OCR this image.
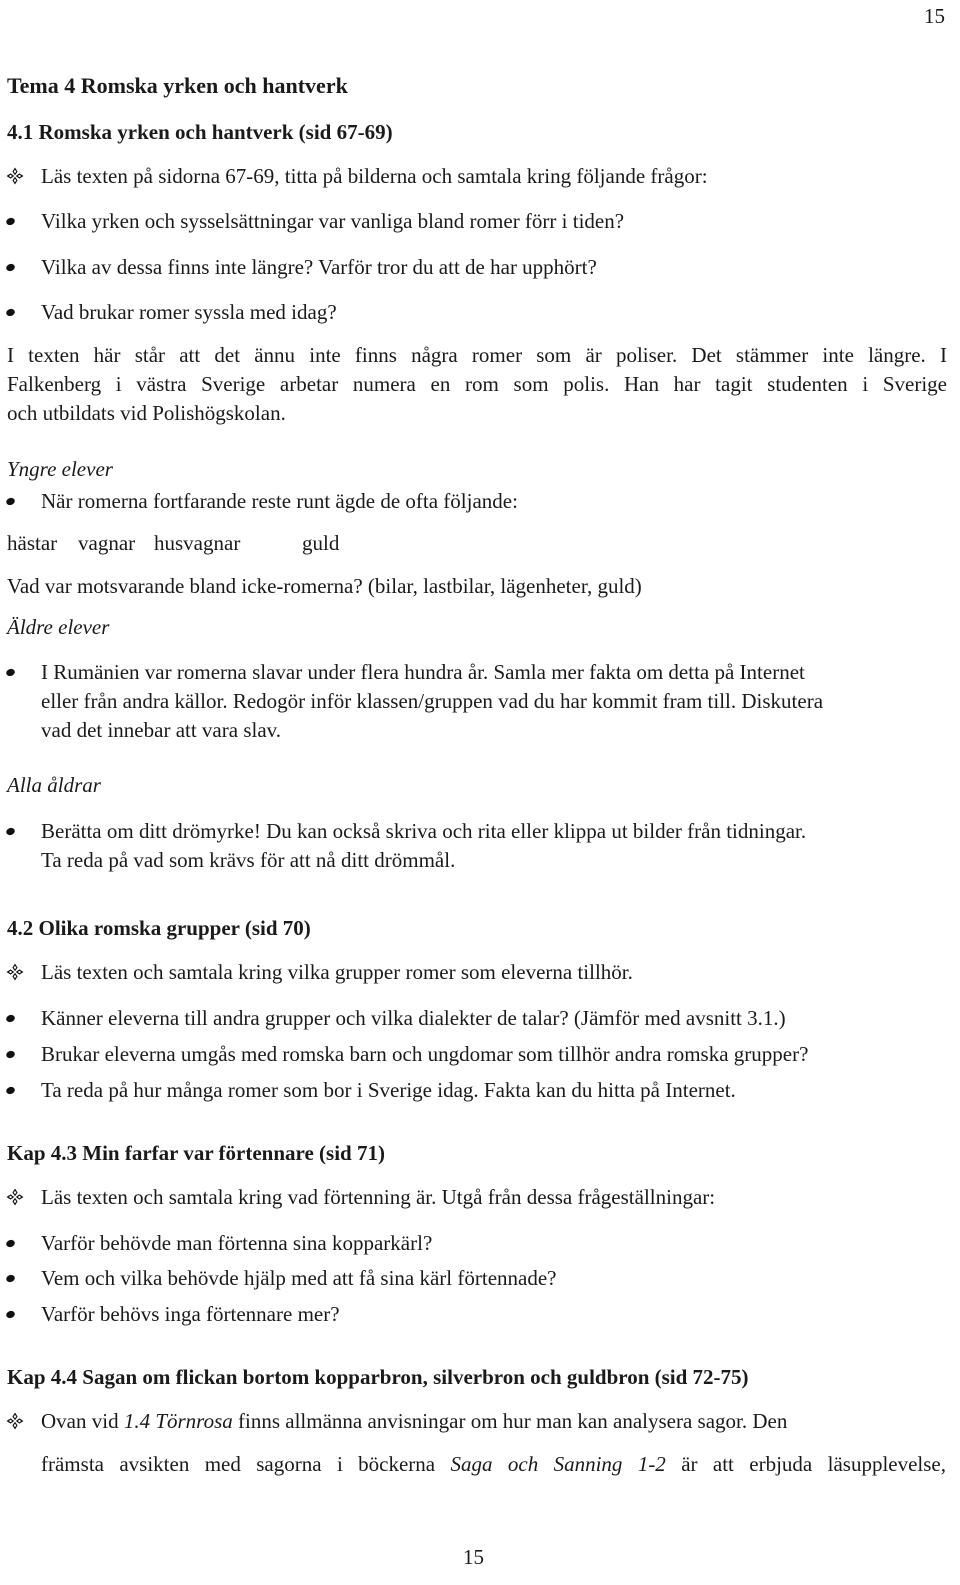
15
Tema 4 Romska yrken och hantverk
4.1 Romska yrken och hantverk (sid 67-69)
Läs texten på sidorna 67-69, titta på bilderna och samtala kring följande frågor:
Vilka yrken och sysselsättningar var vanliga bland romer förr i tiden?
Vilka av dessa finns inte längre? Varför tror du att de har upphört?
Vad brukar romer syssla med idag?
I texten här står att det ännu inte finns några romer som är poliser. Det stämmer inte längre. I
Falkenberg i västra Sverige arbetar numera en rom som polis. Han har tagit studenten i Sverige
och utbildats vid Polishögskolan.
Yngre elever
När romerna fortfarande reste runt ägde de ofta följande:
hästar vagnar husvagnar	guld
Vad var motsvarande bland icke-romerna? (bilar, lastbilar, lägenheter, guld)
Äldre elever
I Rumänien var romerna slavar under flera hundra år. Samla mer fakta om detta på Internet
eller från andra källor. Redogör inför klassen/gruppen vad du har kommit fram till. Diskutera
vad det innebar att vara slav.
Alla åldrar
Berätta om ditt drömyrke! Du kan också skriva och rita eller klippa ut bilder från tidningar.
Ta reda på vad som krävs för att nå ditt drömmål.
4.2 Olika romska grupper (sid 70)
Läs texten och samtala kring vilka grupper romer som eleverna tillhör.
Känner eleverna till andra grupper och vilka dialekter de talar? (Jämför med avsnitt 3.1.)
Brukar eleverna umgås med romska barn och ungdomar som tillhör andra romska grupper?
Ta reda på hur många romer som bor i Sverige idag. Fakta kan du hitta på Internet.
Kap 4.3 Min farfar var förtennare (sid 71)
Läs texten och samtala kring vad förtenning är. Utgå från dessa frågeställningar:
Varför behövde man förtenna sina kopparkärl?
Vem och vilka behövde hjälp med att få sina kärl förtennade?
Varför behövs inga förtennare mer?
Kap 4.4 Sagan om flickan bortom kopparbron, silverbron och guldbron (sid 72-75)
Ovan vid 1.4 Törnrosa finns allmänna anvisningar om hur man kan analysera sagor. Den
främsta avsikten med sagorna i böckerna Saga och Sanning 1-2 är att erbjuda läsupplevelse,
15
